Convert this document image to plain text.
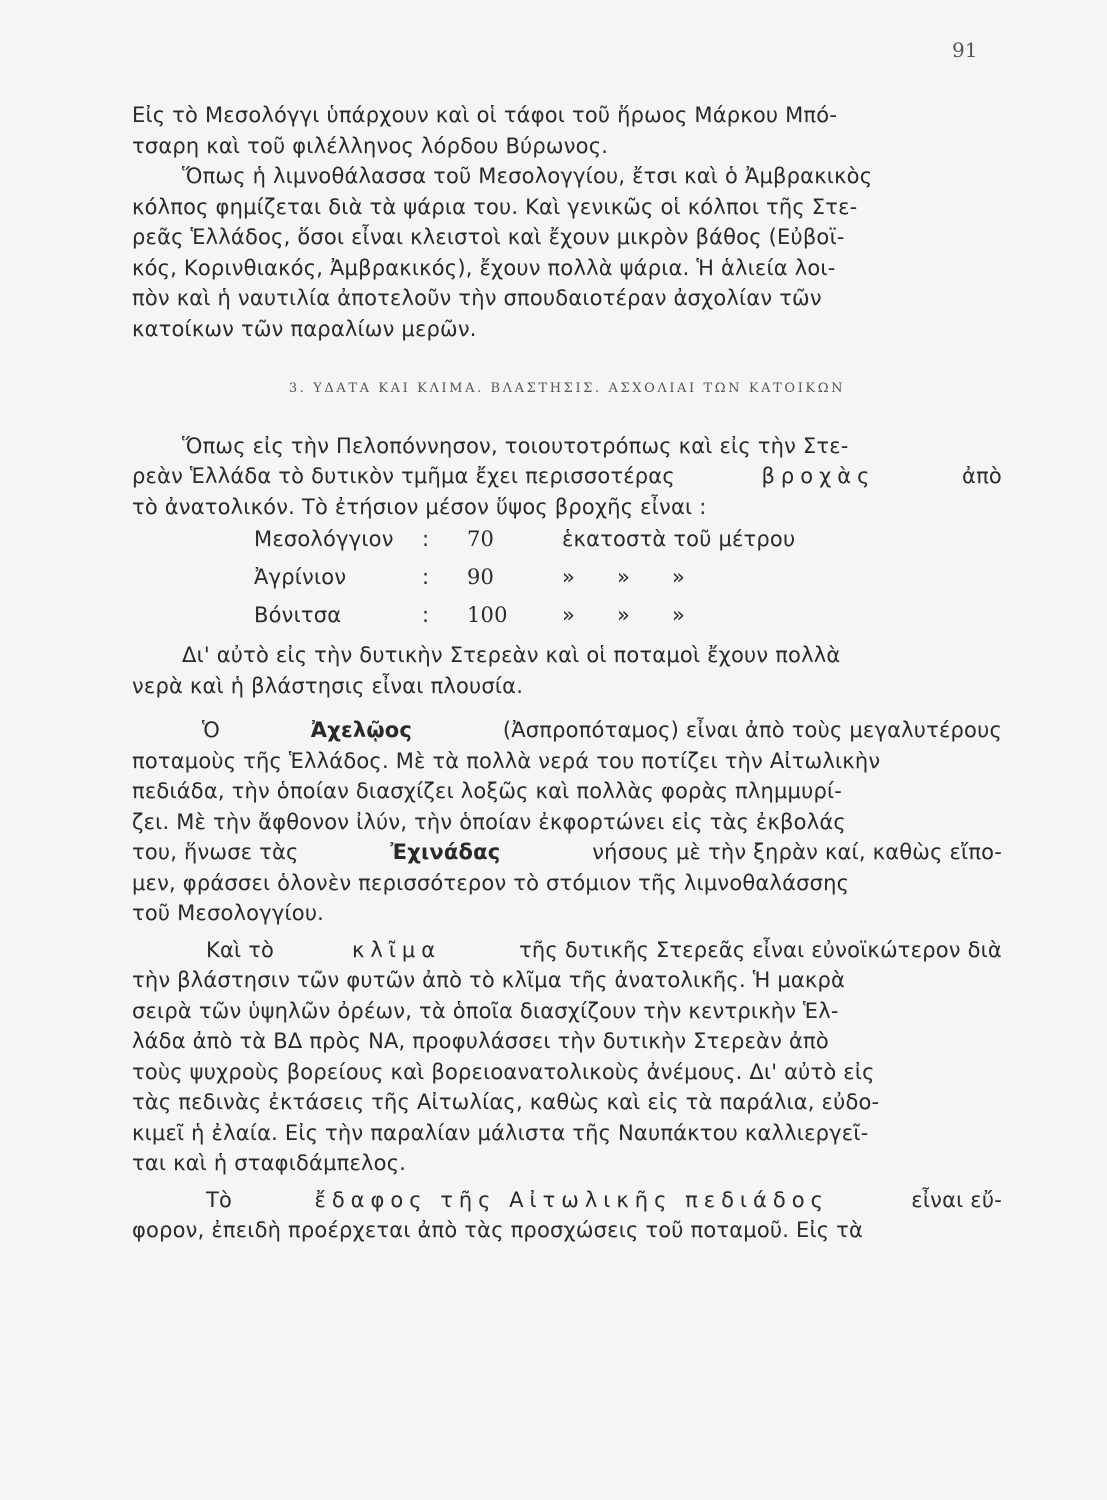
91
Εἰς τὸ Μεσολόγγι ὑπάρχουν καὶ οἱ τάφοι τοῦ ἥρωος Μάρκου Μπό-
τσαρη καὶ τοῦ φιλέλληνος λόρδου Βύρωνος.
Ὅπως ἡ λιμνοθάλασσα τοῦ Μεσολογγίου, ἔτσι καὶ ὁ Ἀμβρακικὸς
κόλπος φημίζεται διὰ τὰ ψάρια του. Καὶ γενικῶς οἱ κόλποι τῆς Στε-
ρεᾶς Ἑλλάδος, ὅσοι εἶναι κλειστοὶ καὶ ἔχουν μικρὸν βάθος (Εὐβοϊ-
κός, Κορινθιακός, Ἀμβρακικός), ἔχουν πολλὰ ψάρια. Ἡ ἁλιεία λοι-
πὸν καὶ ἡ ναυτιλία ἀποτελοῦν τὴν σπουδαιοτέραν ἀσχολίαν τῶν
κατοίκων τῶν παραλίων μερῶν.
3. ΥΔΑΤΑ ΚΑΙ ΚΛΙΜΑ. ΒΛΑΣΤΗΣΙΣ. ΑΣΧΟΛΙΑΙ ΤΩΝ ΚΑΤΟΙΚΩΝ
Ὅπως εἰς τὴν Πελοπόννησον, τοιουτοτρόπως καὶ εἰς τὴν Στε-
ρεὰν Ἑλλάδα τὸ δυτικὸν τμῆμα ἔχει περισσοτέρας	βροχὰς	ἀπὸ
τὸ ἀνατολικόν. Τὸ ἐτήσιον μέσον ὕψος βροχῆς εἶναι :
Μεσολόγγιον	:	70	ἑκατοστὰ τοῦ μέτρου
Ἀγρίνιον	:	90	»	»	»
Βόνιτσα	:	100	»	»	»
Δι' αὐτὸ εἰς τὴν δυτικὴν Στερεὰν καὶ οἱ ποταμοὶ ἔχουν πολλὰ
νερὰ καὶ ἡ βλάστησις εἶναι πλουσία.
Ὁ	Ἀχελῷος	(Ἀσπροπόταμος) εἶναι ἀπὸ τοὺς μεγαλυτέρους
ποταμοὺς τῆς Ἑλλάδος. Μὲ τὰ πολλὰ νερά του ποτίζει τὴν Αἰτωλικὴν
πεδιάδα, τὴν ὁποίαν διασχίζει λοξῶς καὶ πολλὰς φορὰς πλημμυρί-
ζει. Μὲ τὴν ἄφθονον ἰλύν, τὴν ὁποίαν ἐκφορτώνει εἰς τὰς ἐκβολάς
του, ἥνωσε τὰς	Ἐχινάδας	νήσους μὲ τὴν ξηρὰν καί, καθὼς εἴπο-
μεν, φράσσει ὁλονὲν περισσότερον τὸ στόμιον τῆς λιμνοθαλάσσης
τοῦ Μεσολογγίου.
Καὶ τὸ	κλῖμα	τῆς δυτικῆς Στερεᾶς εἶναι εὐνοϊκώτερον διὰ
τὴν βλάστησιν τῶν φυτῶν ἀπὸ τὸ κλῖμα τῆς ἀνατολικῆς. Ἡ μακρὰ
σειρὰ τῶν ὑψηλῶν ὀρέων, τὰ ὁποῖα διασχίζουν τὴν κεντρικὴν Ἑλ-
λάδα ἀπὸ τὰ ΒΔ πρὸς ΝΑ, προφυλάσσει τὴν δυτικὴν Στερεὰν ἀπὸ
τοὺς ψυχροὺς βορείους καὶ βορειοανατολικοὺς ἀνέμους. Δι' αὐτὸ εἰς
τὰς πεδινὰς ἐκτάσεις τῆς Αἰτωλίας, καθὼς καὶ εἰς τὰ παράλια, εὐδο-
κιμεῖ ἡ ἐλαία. Εἰς τὴν παραλίαν μάλιστα τῆς Ναυπάκτου καλλιεργεῖ-
ται καὶ ἡ σταφιδάμπελος.
Τὸ	ἔδαφος τῆς Αἰτωλικῆς πεδιάδος	εἶναι εὔ-
φορον, ἐπειδὴ προέρχεται ἀπὸ τὰς προσχώσεις τοῦ ποταμοῦ. Εἰς τὰ
